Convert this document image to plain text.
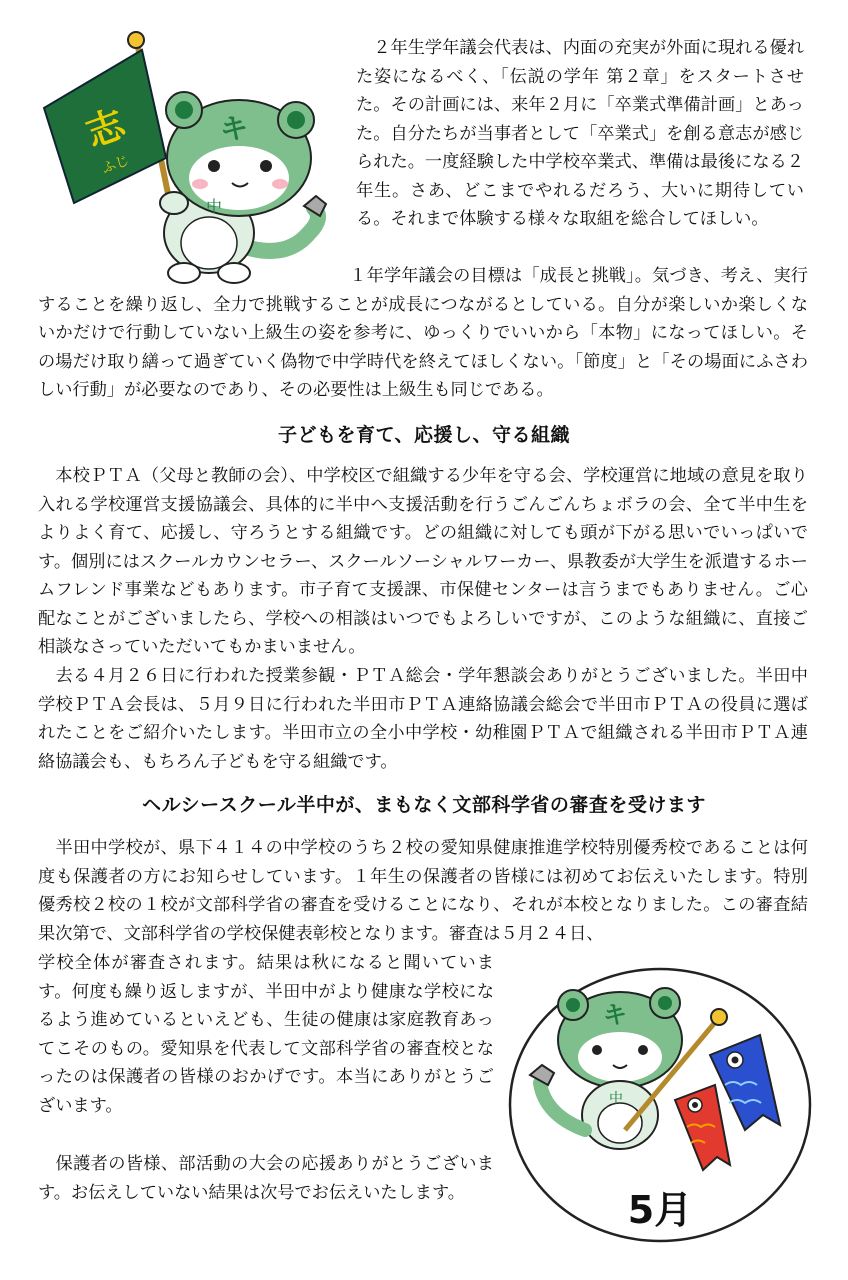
志
ふじ
キ
中

　２年生学年議会代表は、内面の充実が外面に現れる優れた姿になるべく、「伝説の学年 第２章」をスタートさせた。その計画には、来年２月に「卒業式準備計画」とあった。自分たちが当事者として「卒業式」を創る意志が感じられた。一度経験した中学校卒業式、準備は最後になる２年生。さあ、どこまでやれるだろう、大いに期待している。それまで体験する様々な取組を総合してほしい。

　　　　　　　　　　　　　　　　　　１年学年議会の目標は「成長と挑戦」。気づき、考え、実行することを繰り返し、全力で挑戦することが成長につながるとしている。自分が楽しいか楽しくないかだけで行動していない上級生の姿を参考に、ゆっくりでいいから「本物」になってほしい。その場だけ取り繕って過ぎていく偽物で中学時代を終えてほしくない。「節度」と「その場面にふさわしい行動」が必要なのであり、その必要性は上級生も同じである。

子どもを育て、応援し、守る組織

　本校ＰＴＡ（父母と教師の会）、中学校区で組織する少年を守る会、学校運営に地域の意見を取り入れる学校運営支援協議会、具体的に半中へ支援活動を行うごんごんちょボラの会、全て半中生をよりよく育て、応援し、守ろうとする組織です。どの組織に対しても頭が下がる思いでいっぱいです。個別にはスクールカウンセラー、スクールソーシャルワーカー、県教委が大学生を派遣するホームフレンド事業などもあります。市子育て支援課、市保健センターは言うまでもありません。ご心配なことがございましたら、学校への相談はいつでもよろしいですが、このような組織に、直接ご相談なさっていただいてもかまいません。

　去る４月２６日に行われた授業参観・ＰＴＡ総会・学年懇談会ありがとうございました。半田中学校ＰＴＡ会長は、５月９日に行われた半田市ＰＴＡ連絡協議会総会で半田市ＰＴＡの役員に選ばれたことをご紹介いたします。半田市立の全小中学校・幼稚園ＰＴＡで組織される半田市ＰＴＡ連絡協議会も、もちろん子どもを守る組織です。

ヘルシースクール半中が、まもなく文部科学省の審査を受けます

　半田中学校が、県下４１４の中学校のうち２校の愛知県健康推進学校特別優秀校であることは何度も保護者の方にお知らせしています。１年生の保護者の皆様には初めてお伝えいたします。特別優秀校２校の１校が文部科学省の審査を受けることになり、それが本校となりました。この審査結果次第で、文部科学省の学校保健表彰校となります。審査は５月２４日、

学校全体が審査されます。結果は秋になると聞いています。何度も繰り返しますが、半田中がより健康な学校になるよう進めているといえども、生徒の健康は家庭教育あってこそのもの。愛知県を代表して文部科学省の審査校となったのは保護者の皆様のおかげです。本当にありがとうございます。

　保護者の皆様、部活動の大会の応援ありがとうございます。お伝えしていない結果は次号でお伝えいたします。

キ
中
5月
